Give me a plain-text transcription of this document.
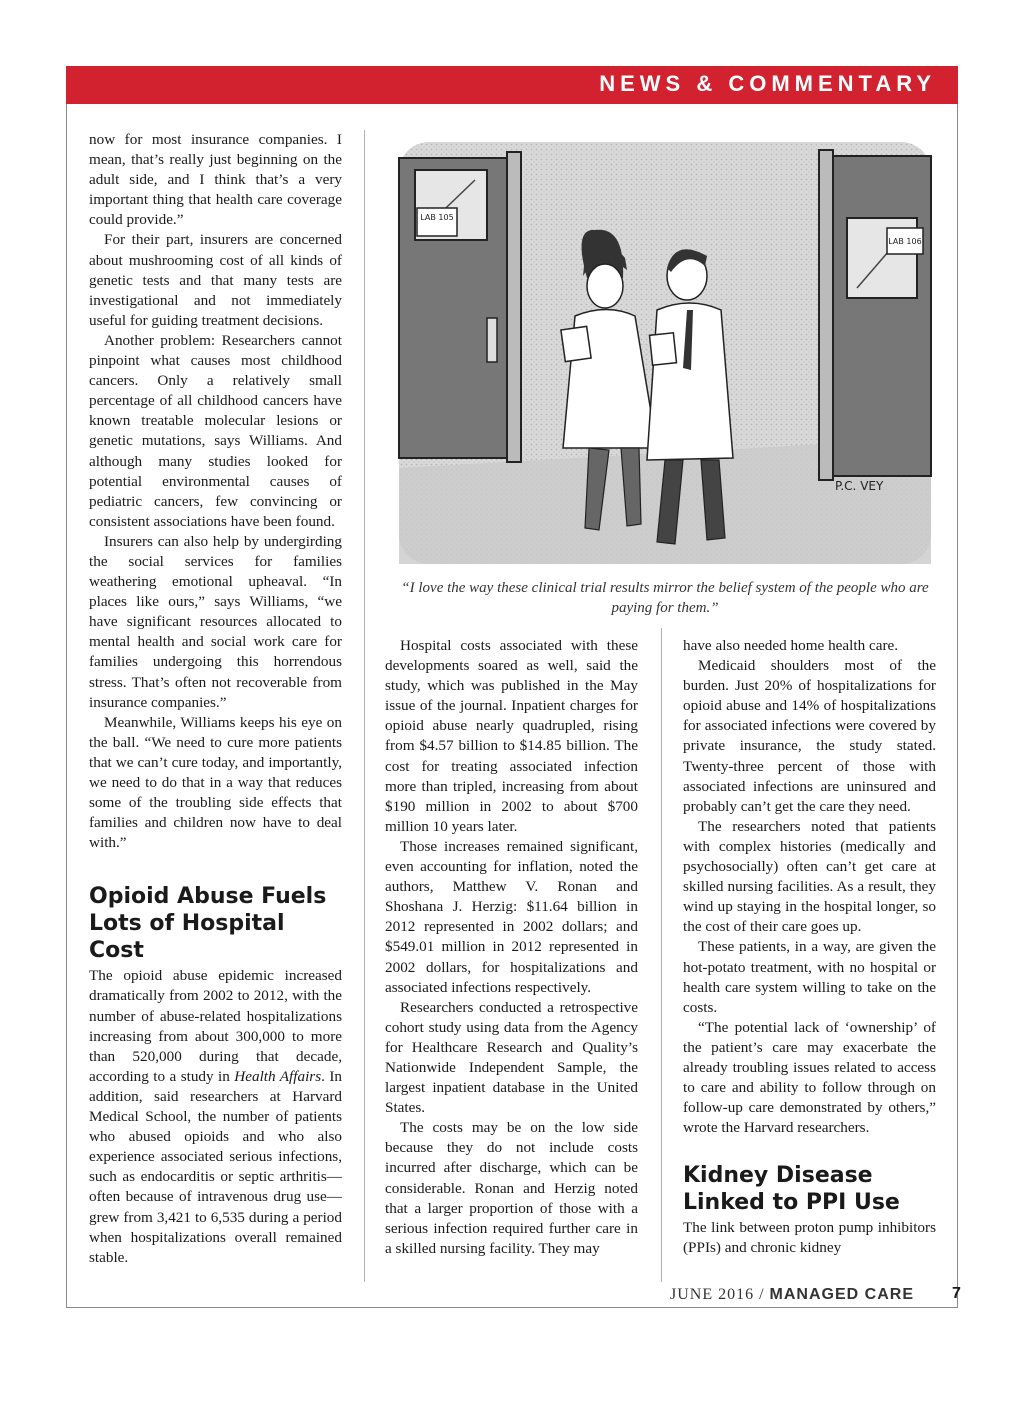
NEWS & COMMENTARY

now for most insurance companies. I mean, that’s really just beginning on the adult side, and I think that’s a very important thing that health care coverage could provide.”

For their part, insurers are concerned about mushrooming cost of all kinds of genetic tests and that many tests are investigational and not immediately useful for guiding treatment decisions.

Another problem: Researchers cannot pinpoint what causes most childhood cancers. Only a relatively small percentage of all childhood cancers have known treatable molecular lesions or genetic mutations, says Williams. And although many studies looked for potential environmental causes of pediatric cancers, few convincing or consistent associations have been found.

Insurers can also help by undergirding the social services for families weathering emotional upheaval. “In places like ours,” says Williams, “we have significant resources allocated to mental health and social work care for families undergoing this horrendous stress. That’s often not recoverable from insurance companies.”

Meanwhile, Williams keeps his eye on the ball. “We need to cure more patients that we can’t cure today, and importantly, we need to do that in a way that reduces some of the troubling side effects that families and children now have to deal with.”

Opioid Abuse Fuels Lots of Hospital Cost

The opioid abuse epidemic increased dramatically from 2002 to 2012, with the number of abuse-related hospitalizations increasing from about 300,000 to more than 520,000 during that decade, according to a study in Health Affairs. In addition, said researchers at Harvard Medical School, the number of patients who abused opioids and who also experience associated serious infections, such as endocarditis or septic arthritis—often because of intravenous drug use—grew from 3,421 to 6,535 during a period when hospitalizations overall remained stable.

LAB 105
LAB 106
P.C. VEY
“I love the way these clinical trial results mirror the belief system of the people who are paying for them.”

Hospital costs associated with these developments soared as well, said the study, which was published in the May issue of the journal. Inpatient charges for opioid abuse nearly quadrupled, rising from $4.57 billion to $14.85 billion. The cost for treating associated infection more than tripled, increasing from about $190 million in 2002 to about $700 million 10 years later.

Those increases remained significant, even accounting for inflation, noted the authors, Matthew V. Ronan and Shoshana J. Herzig: $11.64 billion in 2012 represented in 2002 dollars; and $549.01 million in 2012 represented in 2002 dollars, for hospitalizations and associated infections respectively.

Researchers conducted a retrospective cohort study using data from the Agency for Healthcare Research and Quality’s Nationwide Independent Sample, the largest inpatient database in the United States.

The costs may be on the low side because they do not include costs incurred after discharge, which can be considerable. Ronan and Herzig noted that a larger proportion of those with a serious infection required further care in a skilled nursing facility. They may

have also needed home health care.

Medicaid shoulders most of the burden. Just 20% of hospitalizations for opioid abuse and 14% of hospitalizations for associated infections were covered by private insurance, the study stated. Twenty-three percent of those with associated infections are uninsured and probably can’t get the care they need.

The researchers noted that patients with complex histories (medically and psychosocially) often can’t get care at skilled nursing facilities. As a result, they wind up staying in the hospital longer, so the cost of their care goes up.

These patients, in a way, are given the hot-potato treatment, with no hospital or health care system willing to take on the costs.

“The potential lack of ‘ownership’ of the patient’s care may exacerbate the already troubling issues related to access to care and ability to follow through on follow-up care demonstrated by others,” wrote the Harvard researchers.

Kidney Disease Linked to PPI Use

The link between proton pump inhibitors (PPIs) and chronic kidney

JUNE 2016 / MANAGED CARE 7
